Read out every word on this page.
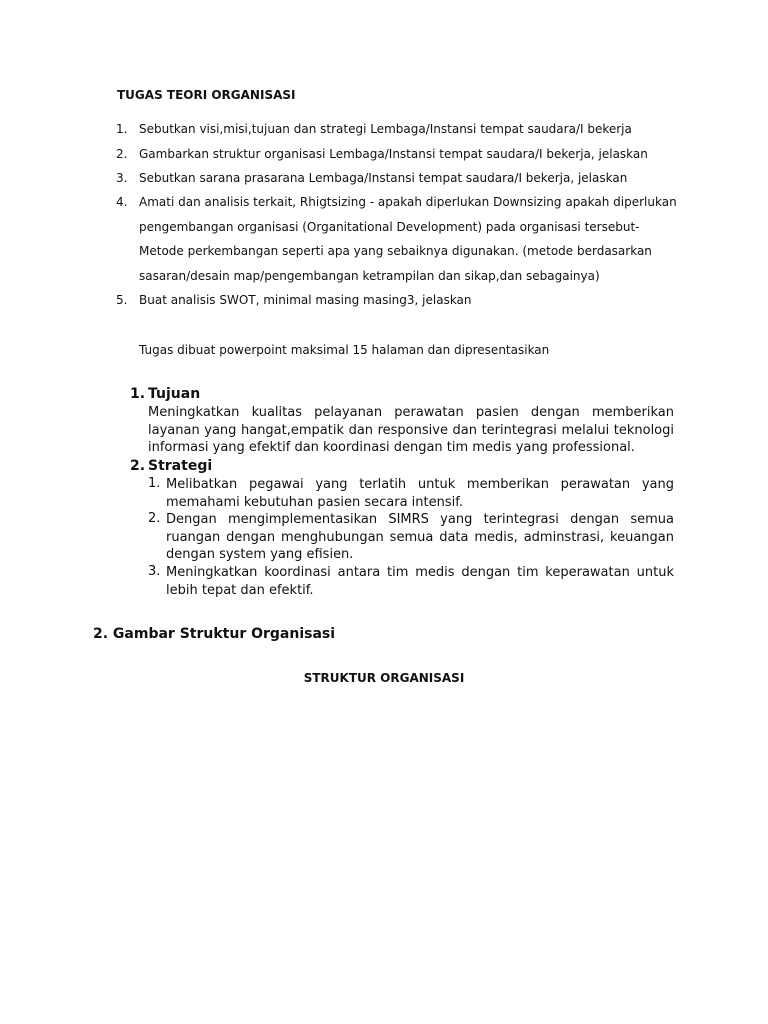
TUGAS TEORI ORGANISASI
1. Sebutkan visi,misi,tujuan dan strategi Lembaga/Instansi tempat saudara/I bekerja
2. Gambarkan struktur organisasi Lembaga/Instansi tempat saudara/I bekerja, jelaskan
3. Sebutkan sarana prasarana Lembaga/Instansi tempat saudara/I bekerja, jelaskan
4. Amati dan analisis terkait, Rhigtsizing - apakah diperlukan Downsizing apakah diperlukan
pengembangan organisasi (Organitational Development) pada organisasi tersebut-
Metode perkembangan seperti apa yang sebaiknya digunakan. (metode berdasarkan
sasaran/desain map/pengembangan ketrampilan dan sikap,dan sebagainya)
5. Buat analisis SWOT, minimal masing masing3, jelaskan
Tugas dibuat powerpoint maksimal 15 halaman dan dipresentasikan
1. Tujuan
Meningkatkan kualitas pelayanan perawatan pasien dengan memberikan layanan yang hangat,empatik dan responsive dan terintegrasi melalui teknologi informasi yang efektif dan koordinasi dengan tim medis yang professional.
2. Strategi
1. Melibatkan pegawai yang terlatih untuk memberikan perawatan yang memahami kebutuhan pasien secara intensif.
2. Dengan mengimplementasikan SIMRS yang terintegrasi dengan semua ruangan dengan menghubungan semua data medis, adminstrasi, keuangan dengan system yang efisien.
3. Meningkatkan koordinasi antara tim medis dengan tim keperawatan untuk lebih tepat dan efektif.
2. Gambar Struktur Organisasi
STRUKTUR ORGANISASI
